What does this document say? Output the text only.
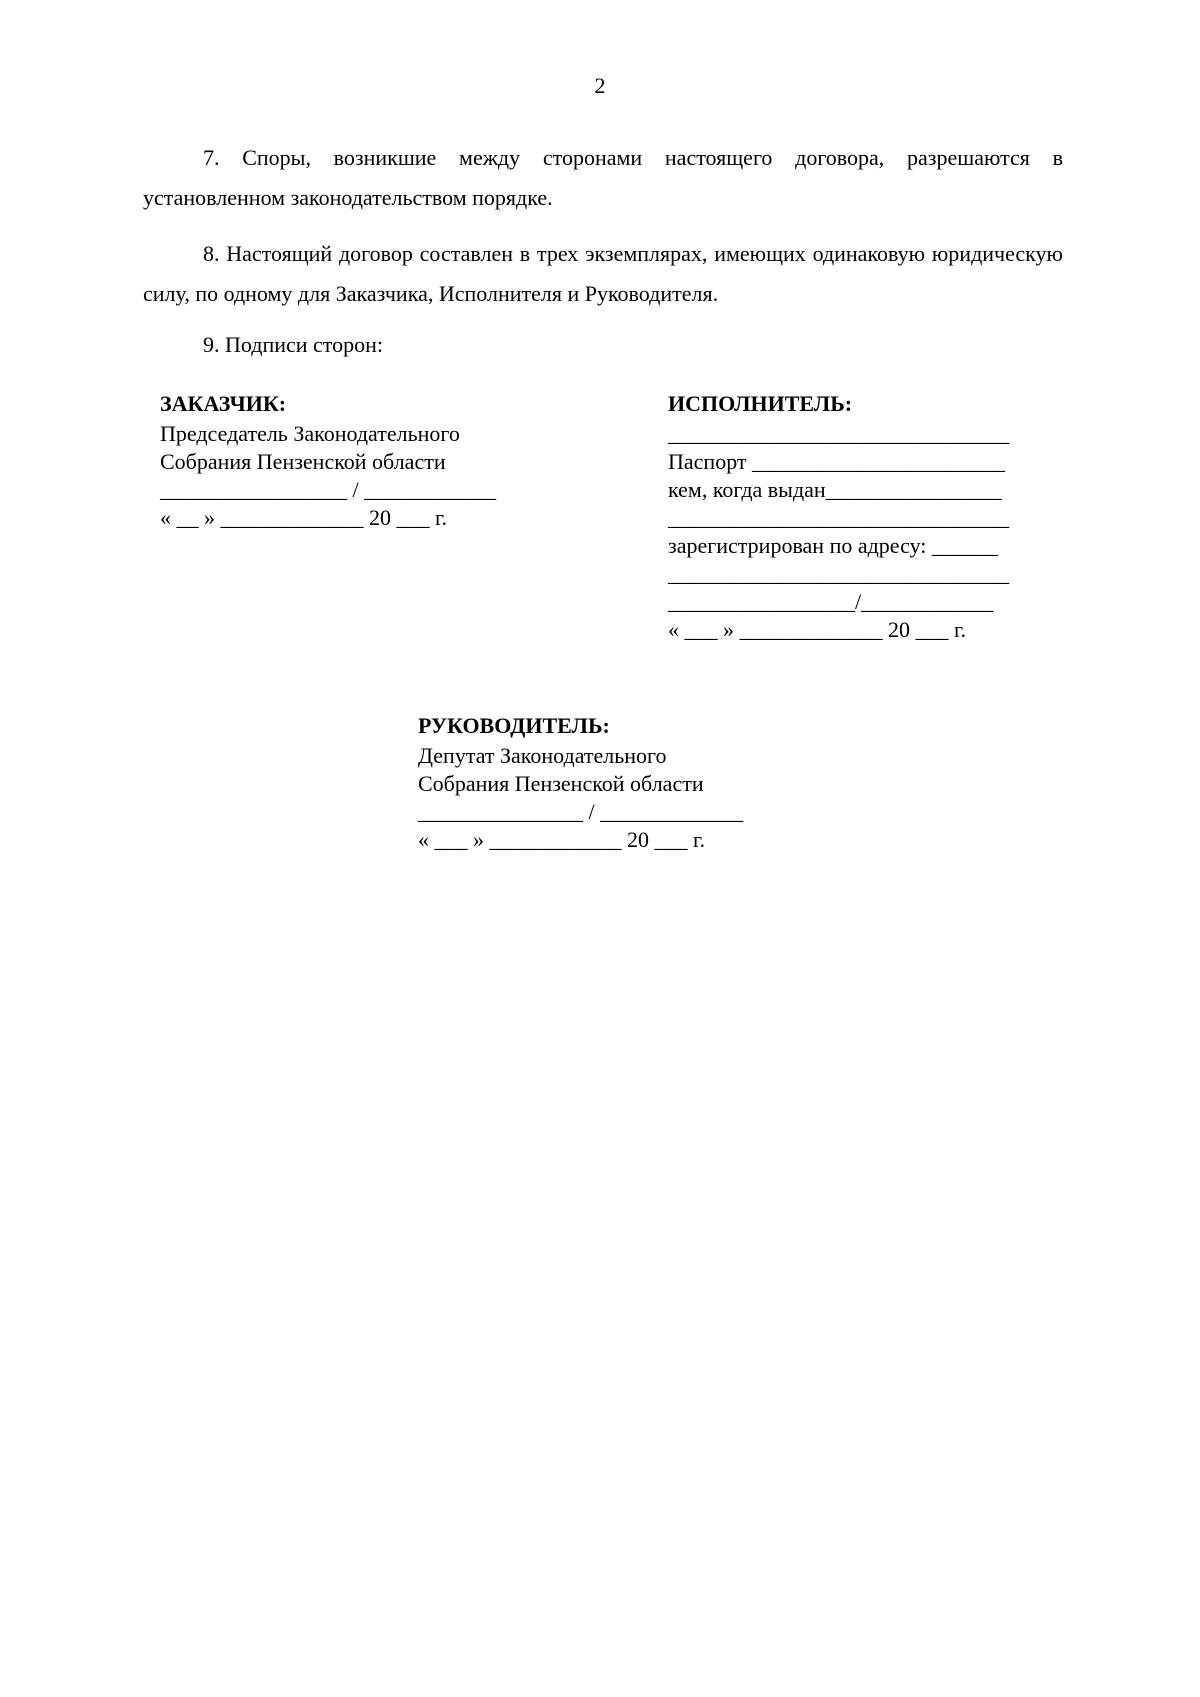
2

7. Споры, возникшие между сторонами настоящего договора, разрешаются в установленном законодательством порядке.

8. Настоящий договор составлен в трех экземплярах, имеющих одинаковую юридическую силу, по одному для Заказчика, Исполнителя и Руководителя.

9. Подписи сторон:

ЗАКАЗЧИК:
Председатель Законодательного
Собрания Пензенской области
_________________ / ____________
« __ » _____________ 20 ___ г.
ИСПОЛНИТЕЛЬ:
_______________________________
Паспорт _______________________
кем, когда выдан________________
_______________________________
зарегистрирован по адресу: ______
_______________________________
_________________/____________
« ___ » _____________ 20 ___ г.
РУКОВОДИТЕЛЬ:
Депутат Законодательного
Собрания Пензенской области
_______________ / _____________
« ___ » ____________ 20 ___ г.
